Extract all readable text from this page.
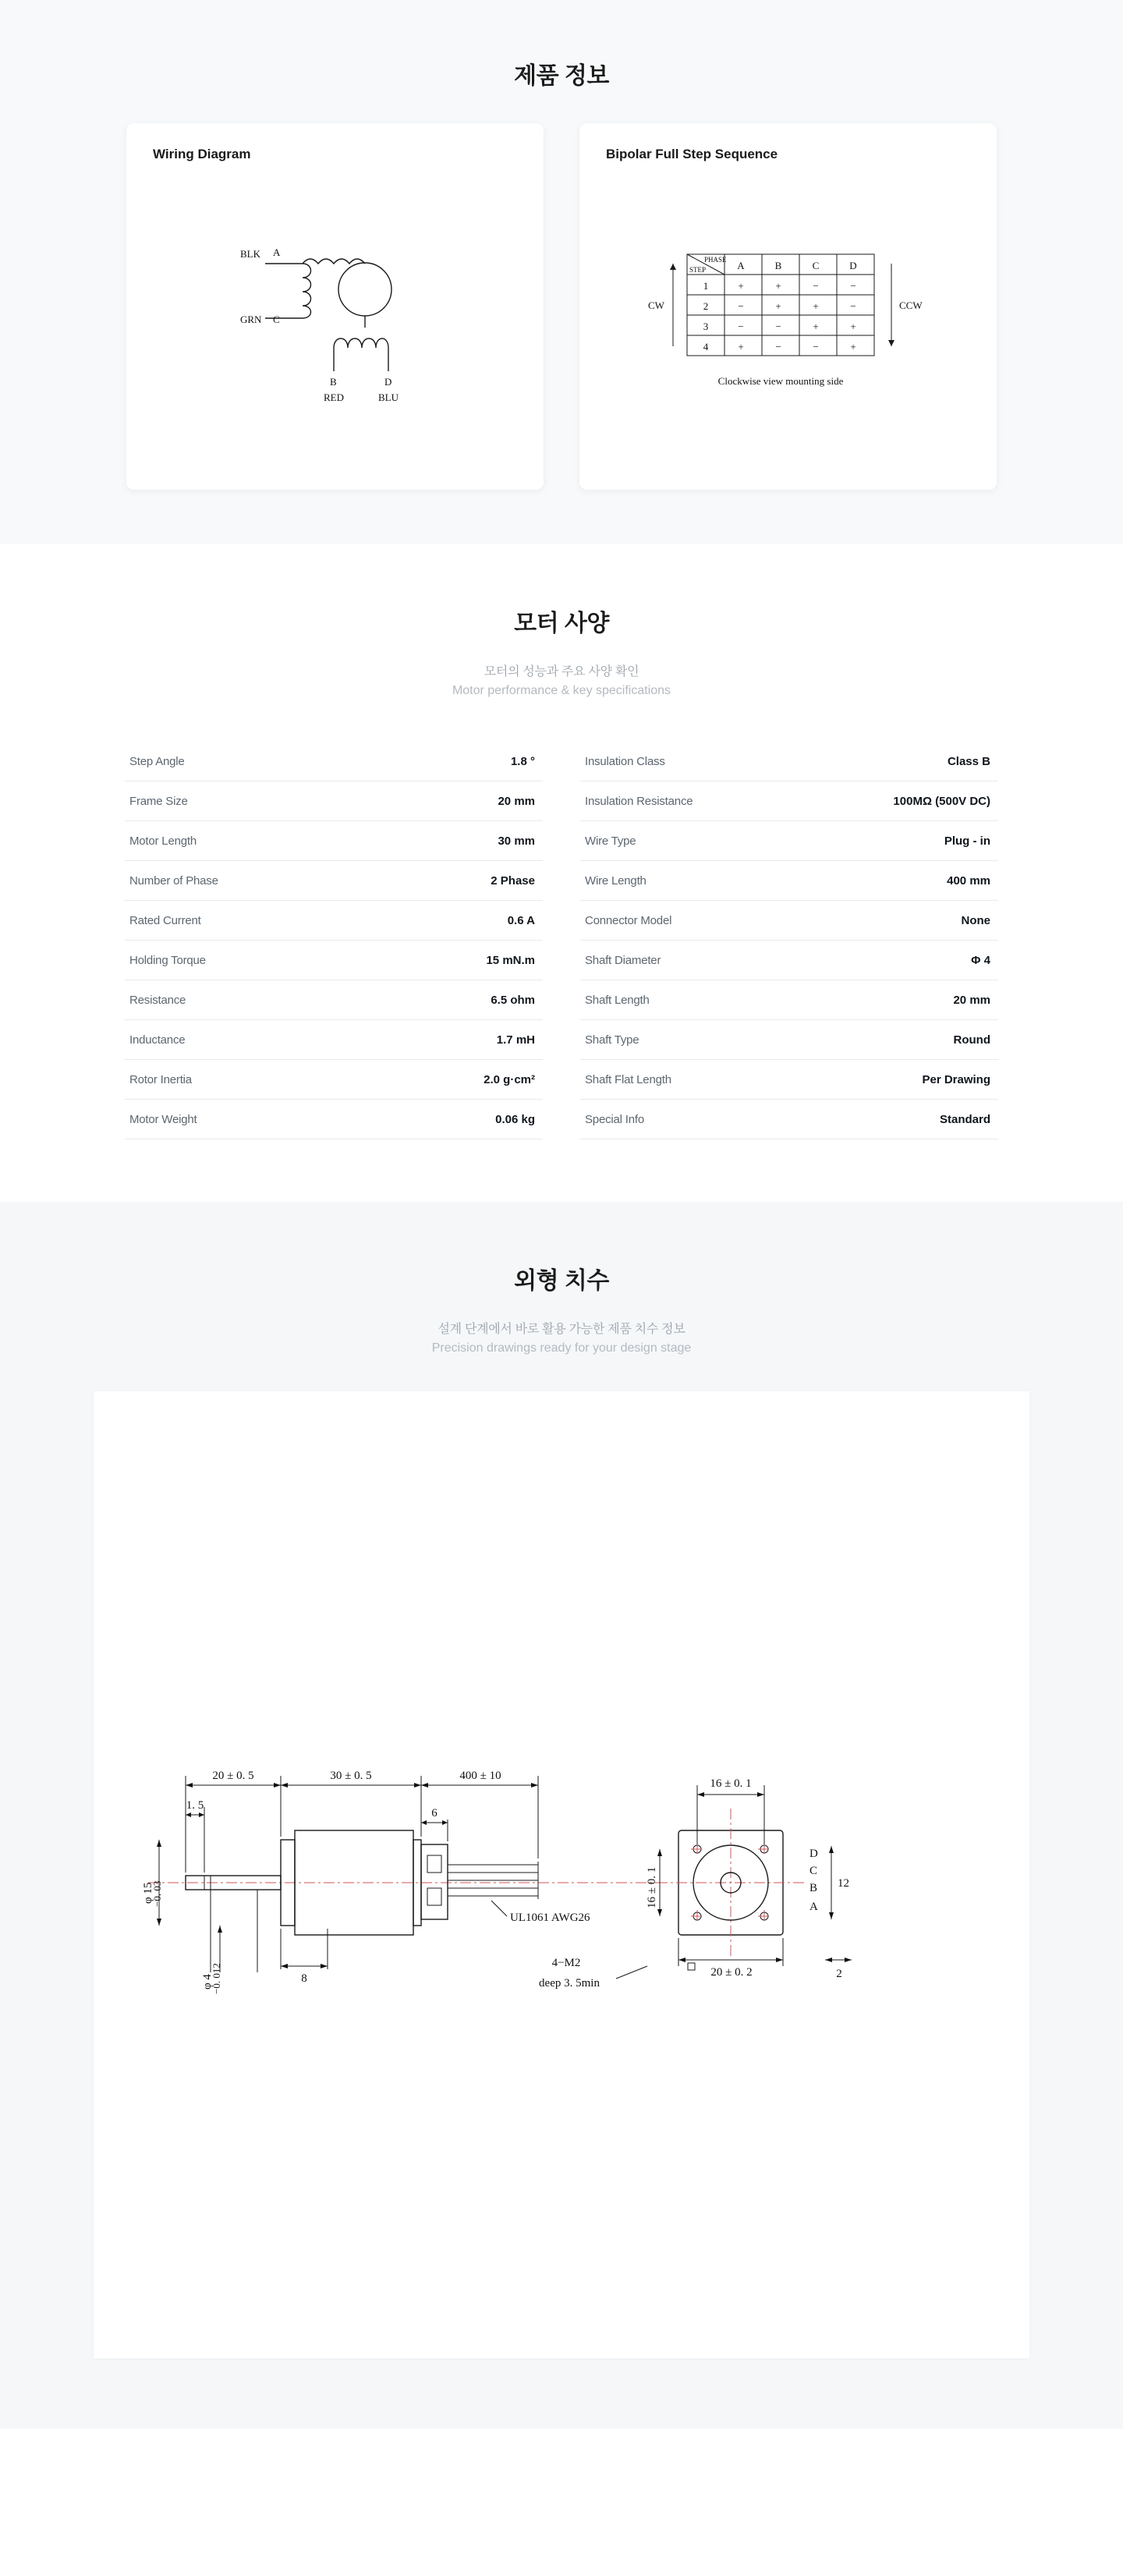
제품 정보
Wiring Diagram
BLK A
GRN C
B	D
RED	BLU
Bipolar Full Step Sequence
PHASE
STEP	A	B	C	D
1	+	+	−	−
2	−	+	+	−
3	−	−	+	+
4	+	−	−	+
CW	CCW
Clockwise view mounting side
모터 사양
모터의 성능과 주요 사양 확인
Motor performance & key specifications
Step Angle	1.8 °
Frame Size	20 mm
Motor Length	30 mm
Number of Phase	2 Phase
Rated Current	0.6 A
Holding Torque	15 mN.m
Resistance	6.5 ohm
Inductance	1.7 mH
Rotor Inertia	2.0 g·cm²
Motor Weight	0.06 kg
Insulation Class	Class B
Insulation Resistance	100MΩ (500V DC)
Wire Type	Plug - in
Wire Length	400 mm
Connector Model	None
Shaft Diameter	Φ 4
Shaft Length	20 mm
Shaft Type	Round
Shaft Flat Length	Per Drawing
Special Info	Standard
외형 치수
설계 단계에서 바로 활용 가능한 제품 치수 정보
Precision drawings ready for your design stage
UL1061 AWG26
20 ± 0. 5	30 ± 0. 5	400 ± 10
1. 5
6
φ 15
−0. 03
φ 4
−0. 012	8
4−M2
deep 3. 5min
16 ± 0. 1
16 ± 0. 1
20 ± 0. 2
D
C
B
A
12
2
